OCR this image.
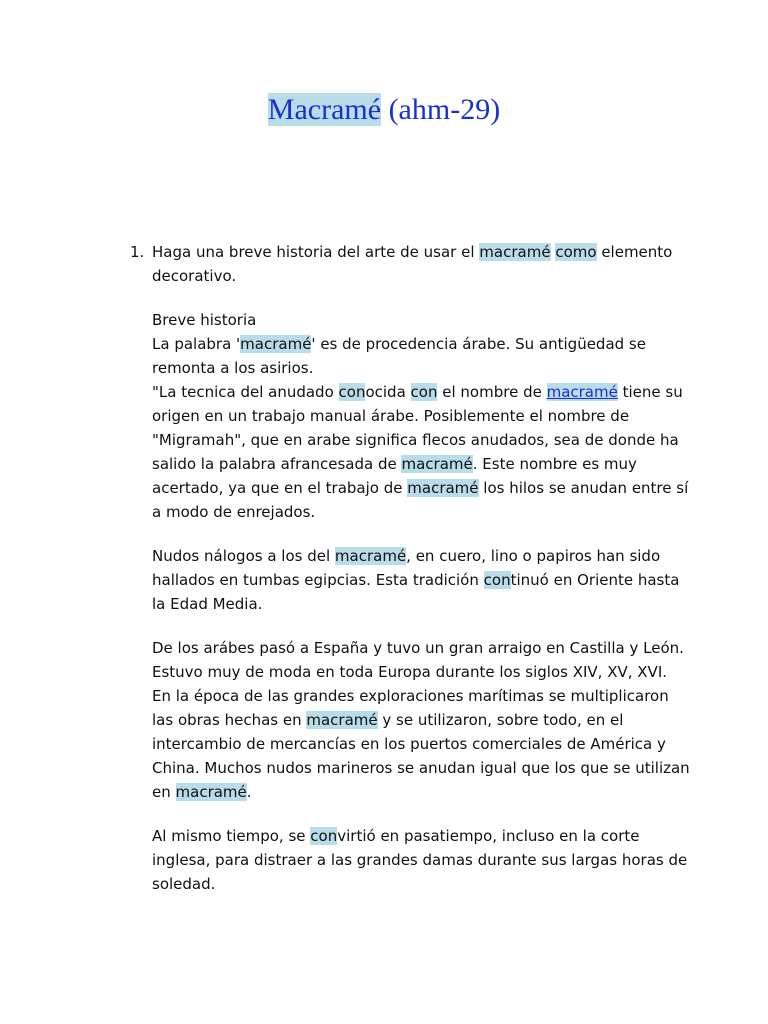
Macramé (ahm-29)
1. Haga una breve historia del arte de usar el macramé como elemento decorativo.

Breve historia

La palabra 'macramé' es de procedencia árabe. Su antigüedad se remonta a los asirios.
"La tecnica del anudado conocida con el nombre de macramé tiene su origen en un trabajo manual árabe. Posiblemente el nombre de "Migramah", que en arabe significa flecos anudados, sea de donde ha salido la palabra afrancesada de macramé. Este nombre es muy acertado, ya que en el trabajo de macramé los hilos se anudan entre sí a modo de enrejados.

Nudos nálogos a los del macramé, en cuero, lino o papiros han sido hallados en tumbas egipcias. Esta tradición continuó en Oriente hasta la Edad Media.

De los arábes pasó a España y tuvo un gran arraigo en Castilla y León. Estuvo muy de moda en toda Europa durante los siglos XIV, XV, XVI. En la época de las grandes exploraciones marítimas se multiplicaron las obras hechas en macramé y se utilizaron, sobre todo, en el intercambio de mercancías en los puertos comerciales de América y China. Muchos nudos marineros se anudan igual que los que se utilizan en macramé.

Al mismo tiempo, se convirtió en pasatiempo, incluso en la corte inglesa, para distraer a las grandes damas durante sus largas horas de soledad.
